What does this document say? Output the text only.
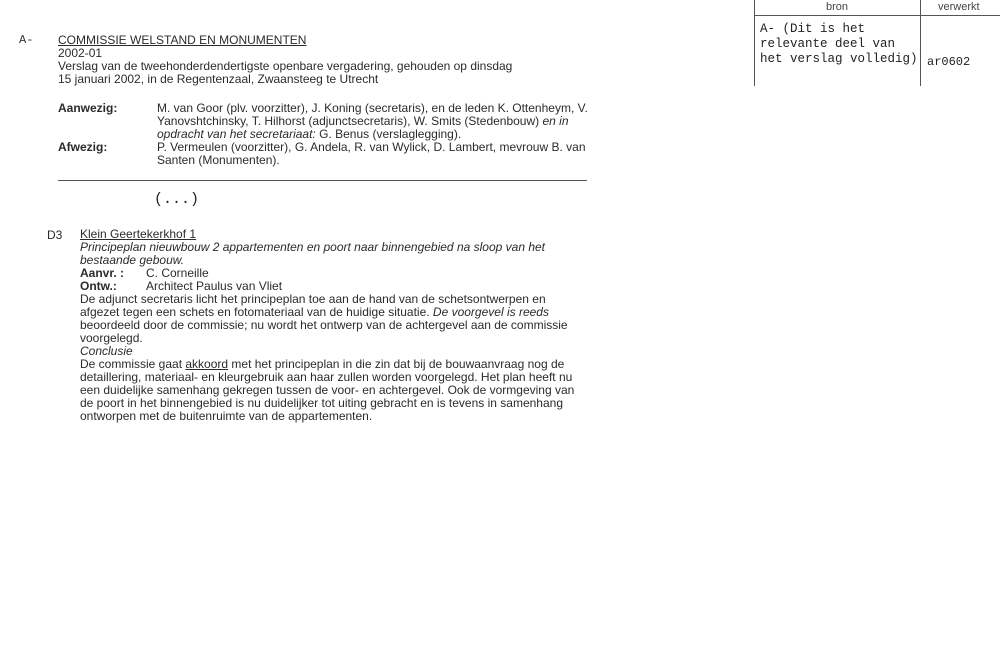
bron	verwerkt
A- (Dit is het relevante deel van het verslag volledig) ar0602
A- COMMISSIE WELSTAND EN MONUMENTEN
2002-01
Verslag van de tweehonderdendertigste openbare vergadering, gehouden op dinsdag
15 januari 2002, in de Regentenzaal, Zwaansteeg te Utrecht
Aanwezig:	M. van Goor (plv. voorzitter), J. Koning (secretaris), en de leden K. Ottenheym, V. Yanovshtchinsky, T. Hilhorst (adjunctsecretaris), W. Smits (Stedenbouw) en in opdracht van het secretariaat: G. Benus (verslaglegging).
Afwezig:	P. Vermeulen (voorzitter), G. Andela, R. van Wylick, D. Lambert, mevrouw B. van Santen (Monumenten).
(...)
D3 Klein Geertekerkhof 1
Principeplan nieuwbouw 2 appartementen en poort naar binnengebied na sloop van het bestaande gebouw.
Aanvr. :	C. Corneille
Ontw.:	Architect Paulus van Vliet

De adjunct secretaris licht het principeplan toe aan de hand van de schetsontwerpen en afgezet tegen een schets en fotomateriaal van de huidige situatie. De voorgevel is reeds beoordeeld door de commissie; nu wordt het ontwerp van de achtergevel aan de commissie voorgelegd.

Conclusie

De commissie gaat akkoord met het principeplan in die zin dat bij de bouwaanvraag nog de detaillering, materiaal- en kleurgebruik aan haar zullen worden voorgelegd. Het plan heeft nu een duidelijke samenhang gekregen tussen de voor- en achtergevel. Ook de vormgeving van de poort in het binnengebied is nu duidelijker tot uiting gebracht en is tevens in samenhang ontworpen met de buitenruimte van de appartementen.
